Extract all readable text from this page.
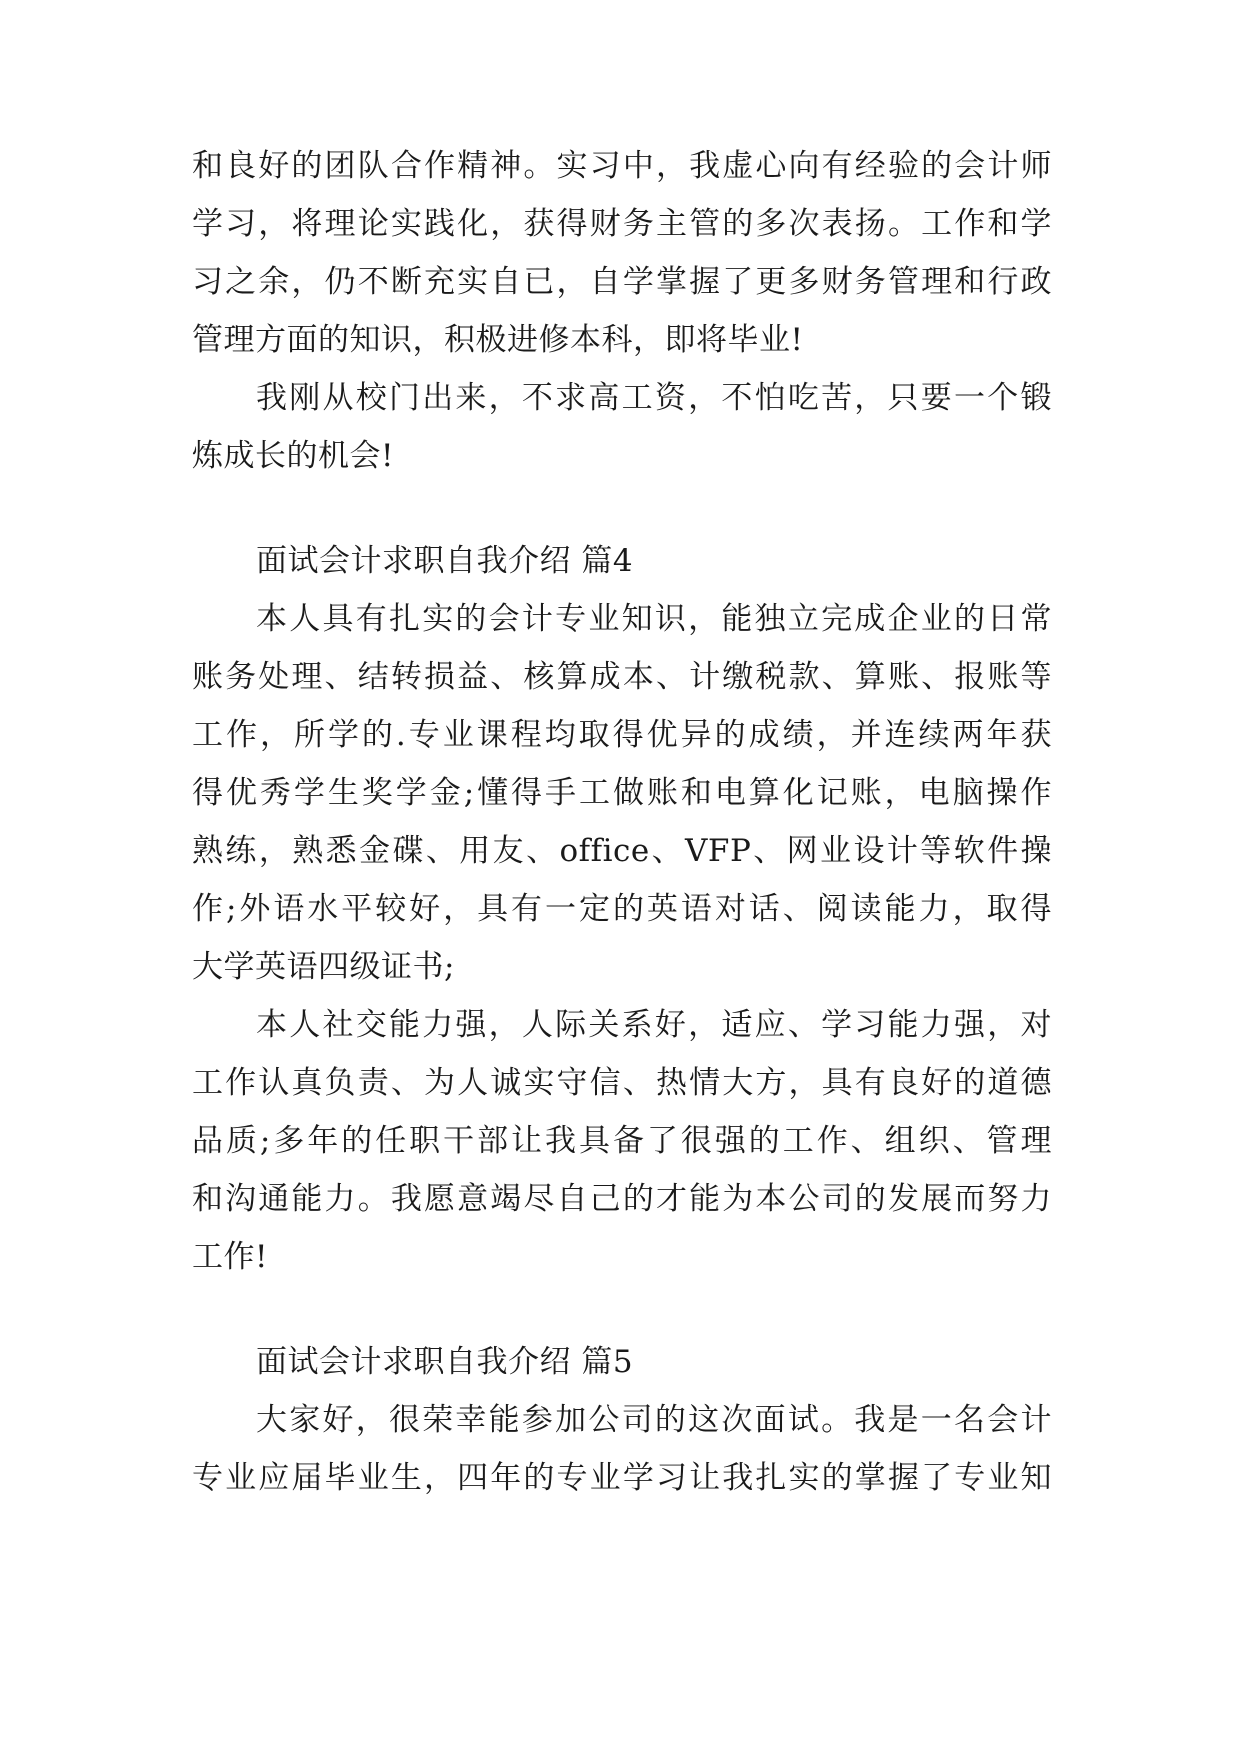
和良好的团队合作精神。实习中，我虚心向有经验的会计师
学习，将理论实践化，获得财务主管的多次表扬。工作和学
习之余，仍不断充实自已，自学掌握了更多财务管理和行政
管理方面的知识，积极进修本科，即将毕业!
我刚从校门出来，不求高工资，不怕吃苦，只要一个锻
炼成长的机会!
面试会计求职自我介绍 篇4
本人具有扎实的会计专业知识，能独立完成企业的日常
账务处理、结转损益、核算成本、计缴税款、算账、报账等
工作，所学的.专业课程均取得优异的成绩，并连续两年获
得优秀学生奖学金;懂得手工做账和电算化记账，电脑操作
熟练，熟悉金碟、用友、office、VFP、网业设计等软件操
作;外语水平较好，具有一定的英语对话、阅读能力，取得
大学英语四级证书;
本人社交能力强，人际关系好，适应、学习能力强，对
工作认真负责、为人诚实守信、热情大方，具有良好的道德
品质;多年的任职干部让我具备了很强的工作、组织、管理
和沟通能力。我愿意竭尽自己的才能为本公司的发展而努力
工作!
面试会计求职自我介绍 篇5
大家好，很荣幸能参加公司的这次面试。我是一名会计
专业应届毕业生，四年的专业学习让我扎实的掌握了专业知
